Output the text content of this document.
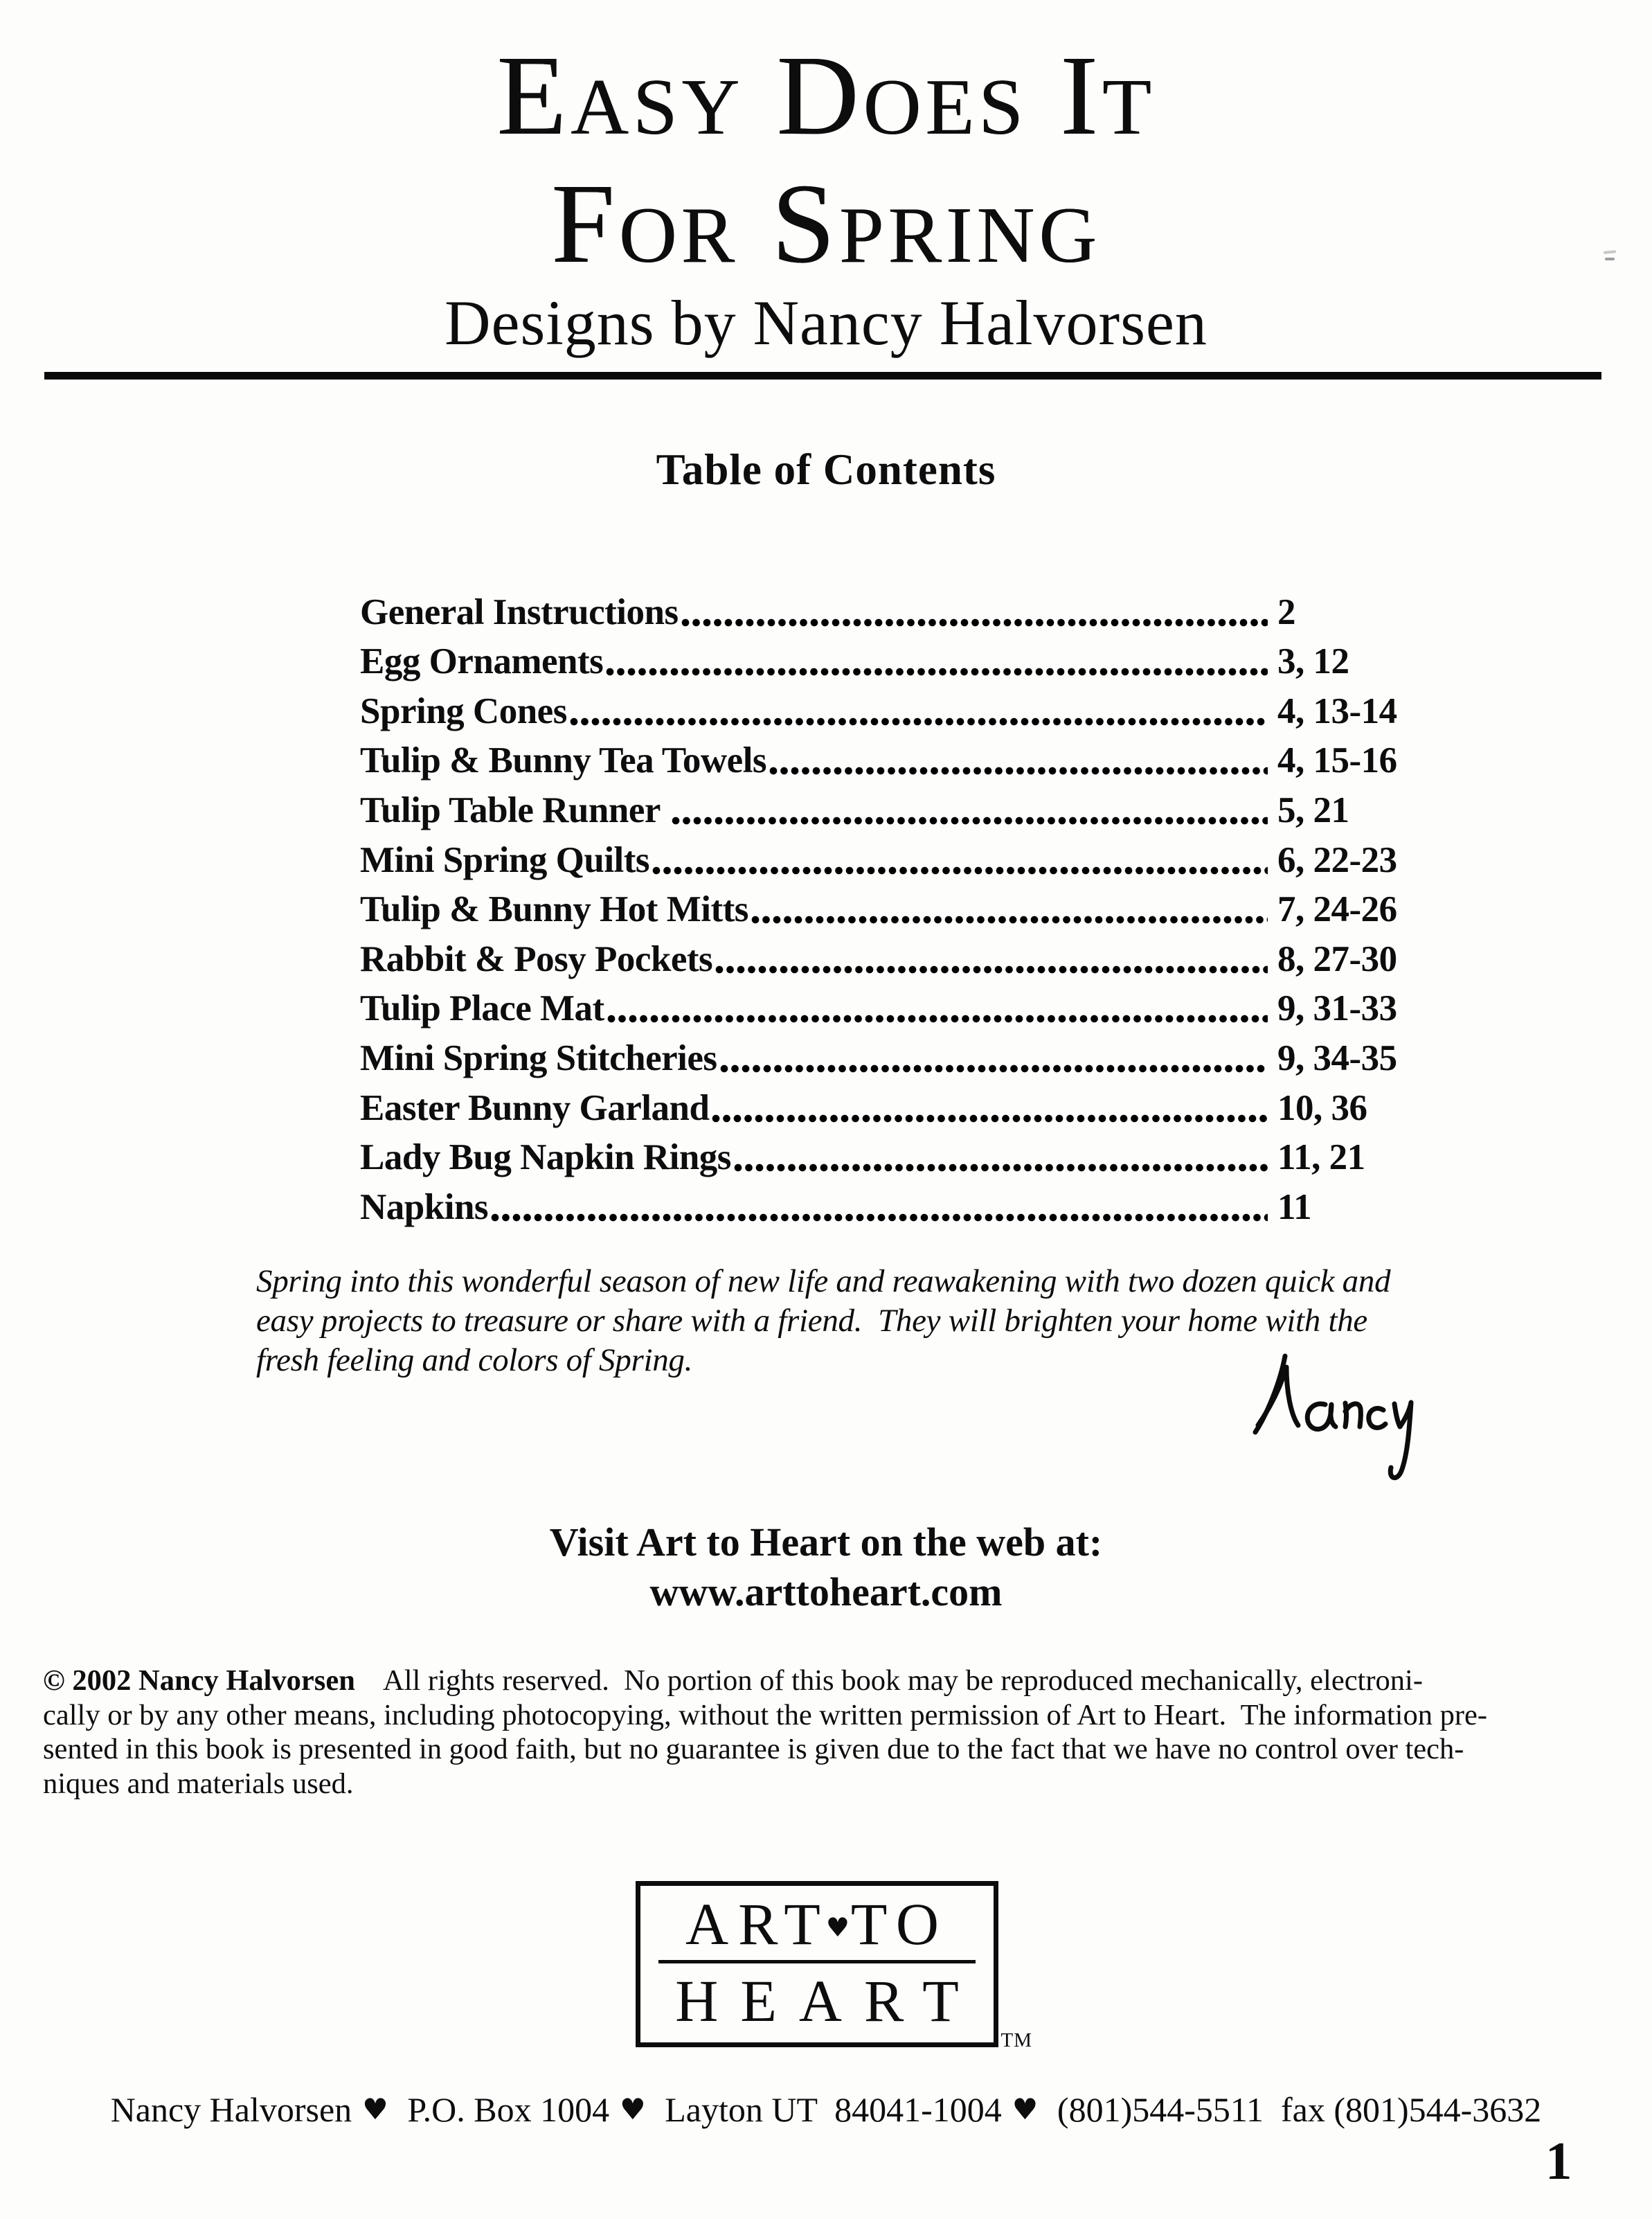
Easy Does It
For Spring
Designs by Nancy Halvorsen
Table of Contents
General Instructions	2
Egg Ornaments	3, 12
Spring Cones	4, 13-14
Tulip & Bunny Tea Towels	4, 15-16
Tulip Table Runner	5, 21
Mini Spring Quilts	6, 22-23
Tulip & Bunny Hot Mitts	7, 24-26
Rabbit & Posy Pockets	8, 27-30
Tulip Place Mat	9, 31-33
Mini Spring Stitcheries	9, 34-35
Easter Bunny Garland	10, 36
Lady Bug Napkin Rings	11, 21
Napkins	11
Spring into this wonderful season of new life and reawakening with two dozen quick and
easy projects to treasure or share with a friend.  They will brighten your home with the
fresh feeling and colors of Spring.
Visit Art to Heart on the web at:
www.arttoheart.com
© 2002 Nancy Halvorsen    All rights reserved.  No portion of this book may be reproduced mechanically, electroni-
cally or by any other means, including photocopying, without the written permission of Art to Heart.  The information pre-
sented in this book is presented in good faith, but no guarantee is given due to the fact that we have no control over tech-
niques and materials used.
ART
♥ TO
HEART
TM
Nancy Halvorsen ♥ P.O. Box 1004 ♥ Layton UT  84041-1004 ♥ (801)544-5511  fax (801)544-3632
1
